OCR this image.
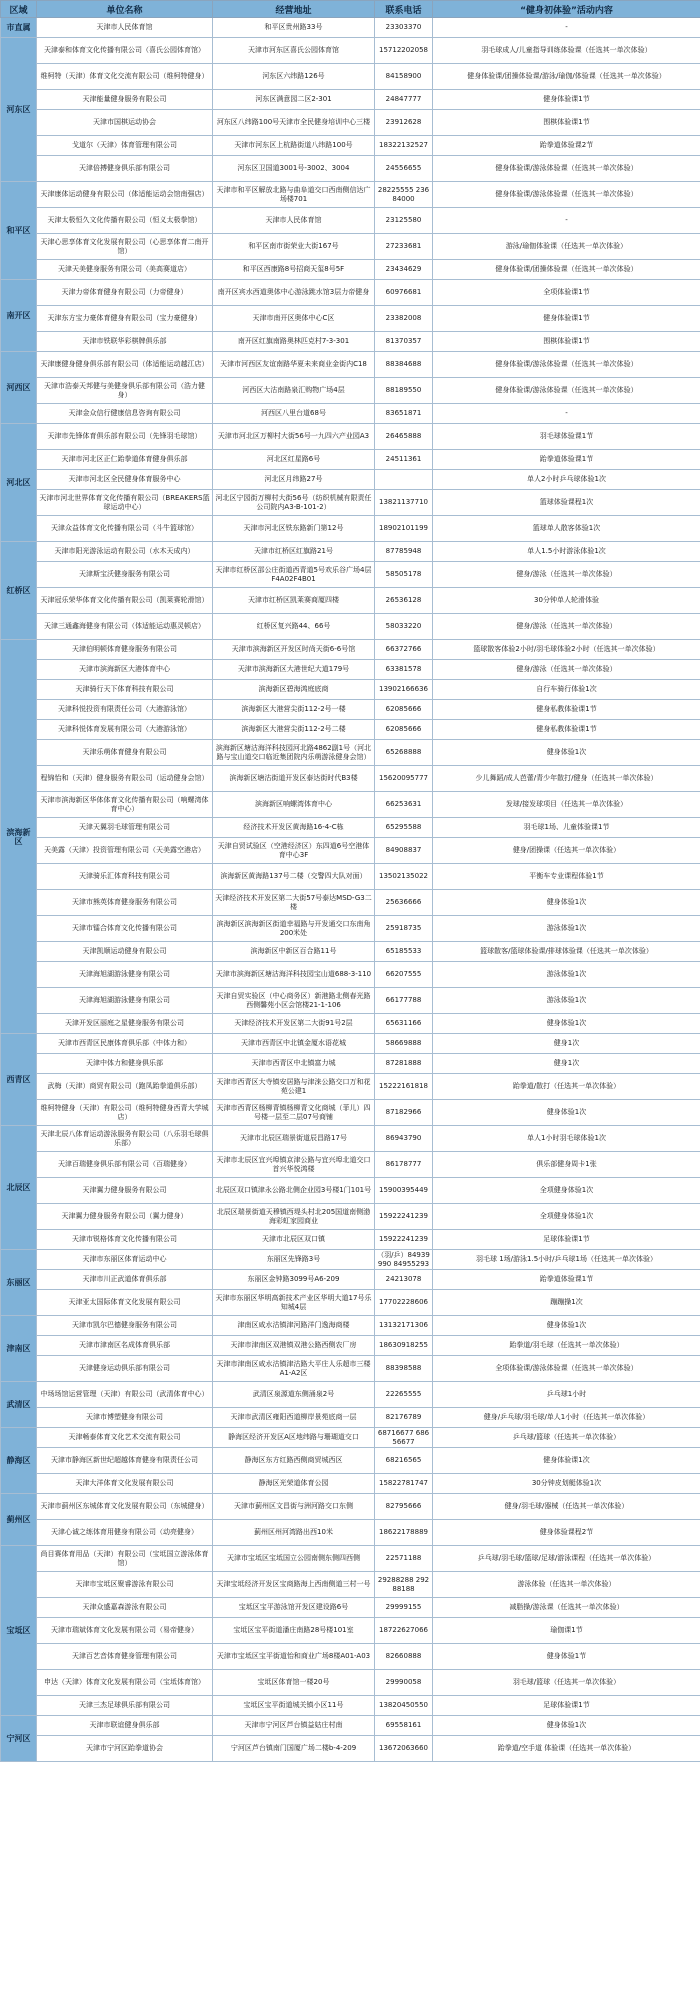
区域	单位名称	经营地址	联系电话	“健身初体验”活动内容
市直属	天津市人民体育馆	和平区贵州路33号	23303370	-
河东区	天津泰和体育文化传播有限公司（喜氏公园体育馆）	天津市河东区喜氏公园体育馆	15712202058	羽毛球成人/儿童指导训练体验课（任选其一单次体验）
	维柯特（天津）体育文化交流有限公司（维柯特健身）	河东区六纬路126号	84158900	健身体验课/团操体验课/游泳/瑜伽/体验课（任选其一单次体验）
	天津能量健身服务有限公司	河东区满意园二区2-301	24847777	健身体验课1节
	天津市国棋运动协会	河东区八纬路100号天津市全民健身培训中心三楼	23912628	围棋体验课1节
	戈道尔（天津）体育管理有限公司	天津市河东区上杭路街道八纬路100号	18322132527	跆拳道体验课2节
	天津倍搏健身俱乐部有限公司	河东区卫国道3001号-3002、3004	24556655	健身体验课/游泳体验课（任选其一单次体验）
和平区	天津康体运动健身有限公司（体适能运动会馆南强店）	天津市和平区解放北路与曲阜道交口西南侧信达广场楼701	28225555 23684000	健身体验课/游泳体验课（任选其一单次体验）
	天津太极恒久文化传播有限公司（恒义太极拳馆）	天津市人民体育馆	23125580	-
	天津心思享体育文化发展有限公司（心思享体育二南开馆）	和平区南市街荣业大街167号	27233681	游泳/瑜伽体验课（任选其一单次体验）
	天津天美健身服务有限公司（美高赛道店）	和平区西康路8号招商天玺8号5F	23434629	健身体验课/团操体验课（任选其一单次体验）
南开区	天津力帝体育健身有限公司（力帝健身）	南开区宾水西道奥体中心游泳跳水馆3层力帝健身	60976681	全项体验课1节
	天津东方宝力豪体育健身有限公司（宝力豪健身）	天津市南开区奥体中心C区	23382008	健身体验课1节
	天津市铁联华彩棋牌俱乐部	南开区红旗南路奥林匹克村7-3-301	81370357	围棋体验课1节
河西区	天津康健身健身俱乐部有限公司（体适能运动越江店）	天津市河西区友谊南路华夏未来商业金街内C18	88384688	健身体验课/游泳体验课（任选其一单次体验）
	天津市浩泰天邦健与美健身俱乐部有限公司（浩力健身）	河西区大沽南路泉汇购物广场4层	88189550	健身体验课/游泳体验课（任选其一单次体验）
	天津金众信行健康信息咨询有限公司	河西区八里台道68号	83651871	-
河北区	天津市先锋体育俱乐部有限公司（先锋羽毛球馆）	天津市河北区万柳村大街56号一九四六产业园A3	26465888	羽毛球体验课1节
	天津市河北区正仁跆拳道体育健身俱乐部	河北区红星路6号	24511361	跆拳道体验课1节
	天津市河北区全民健身体育服务中心	河北区月纬路27号		单人2小时乒乓球体验1次
	天津市河北世界体育文化传播有限公司（BREAKERS篮球运动中心）	河北区宁园街万柳村大街56号（纺织机械有限责任公司院内A3-B-101-2）	13821137710	篮球体验课程1次
	天津众益体育文化传播有限公司（斗牛篮球馆）	天津市河北区铁东路新门第12号	18902101199	篮球单人散客体验1次
红桥区	天津市阳光游泳运动有限公司（水木天成内）	天津市红桥区红旗路21号	87785948	单人1.5小时游泳体验1次
	天津斯宝沃健身服务有限公司	天津市红桥区邵公庄街道西青道5号欢乐谷广场4层F4A02F4B01	58505178	健身/游泳（任选其一单次体验）
	天津冠乐荣华体育文化传播有限公司（凯莱赛轮滑馆）	天津市红桥区凯莱赛商厦四楼	26536128	30分钟单人轮滑体验
	天津三通鑫海健身有限公司（体适能运动惠灵顿店）	红桥区复兴路44、66号	58033220	健身/游泳（任选其一单次体验）
滨海新区	天津伯明顿体育健身服务有限公司	天津市滨海新区开发区时尚天街6-6号馆	66372766	篮球散客体验2小时/羽毛球体验2小时（任选其一单次体验）
	天津市滨海新区大港体育中心	天津市滨海新区大港世纪大道179号	63381578	健身/游泳（任选其一单次体验）
	天津骑行天下体育科技有限公司	滨海新区碧海鸿庭底商	13902166636	自行车骑行体验1次
	天津科悦投资有限责任公司（大港游泳馆）	滨海新区大港营尖街112-2号一楼	62085666	健身私教体验课1节
	天津科悦体育发展有限公司（大港游泳馆）	滨海新区大港营尖街112-2号二楼	62085666	健身私教体验课1节
	天津乐萌体育健身有限公司	滨海新区塘沽海洋科技园河北路4862副1号（河北路与宝山道交口临近集团院内乐萌游泳健身会馆）	65268888	健身体验1次
	程锦怡和（天津）健身服务有限公司（运动健身会馆）	滨海新区塘沽街道开发区泰达街时代B3楼	15620095777	少儿舞蹈/成人芭蕾/青少年散打/健身（任选其一单次体验）
	天津市滨海新区华体体育文化传播有限公司（响螺湾体育中心）	滨海新区响螺湾体育中心	66253631	发球/接发球项目（任选其一单次体验）
	天津天翼羽毛球管理有限公司	经济技术开发区黄海路16-4-C栋	65295588	羽毛球1场、儿童体验课1节
	天美露（天津）投资管理有限公司（天美露空港店）	天津自贸试验区（空港经济区）东四道6号空港体育中心3F	84908837	健身/团操课（任选其一单次体验）
	天津骑乐汇体育科技有限公司	滨海新区黄海路137号二楼（交警四大队对面）	13502135022	平衡车专业课程体验1节
	天津市熊英体育健身服务有限公司	天津经济技术开发区第二大街57号泰达MSD-G3二楼	25636666	健身体验1次
	天津市镭合体育文化传播有限公司	滨海新区滨海新区街道幸福路与开发通交口东南角200米处	25918735	游泳体验1次
	天津凯顺运动健身有限公司	滨海新区中新区百合路11号	65185533	篮球散客/篮球体验课/排球体验课（任选其一单次体验）
	天津海旭湖游泳健身有限公司	天津市滨海新区塘沽海洋科技园宝山道688-3-110	66207555	游泳体验1次
	天津海旭湖游泳健身有限公司	天津自贸实验区（中心商务区）新港路北侧春光路西侧馨苑小区会馆楼21-1-106	66177788	游泳体验1次
	天津开发区丽庭之星健身服务有限公司	天津经济技术开发区第二大街91号2层	65631166	健身体验1次
西青区	天津市西青区民康体育俱乐部（中体力和）	天津市西青区中北镇金厦水语花城	58669888	健身1次
	天津中体力和健身俱乐部	天津市西青区中北镇富力城	87281888	健身1次
	武梅（天津）商贸有限公司（跑凤跆拳道俱乐部）	天津市西青区大寺镇安居路与津涞公路交口万和花苑公建1	15222161818	跆拳道/散打（任选其一单次体验）
	维柯特健身（天津）有限公司（维柯特健身西青大学城店）	天津市西青区杨柳青镇杨柳青文化商城（菲儿）四号楼一层至二层07号商铺	87182966	健身体验1次
北辰区	天津北辰八体育运动游泳服务有限公司（八乐羽毛球俱乐部）	天津市北辰区瑞景街道辰昌路17号	86943790	单人1小时羽毛球体验1次
	天津百瑞健身俱乐部有限公司（百瑞健身）	天津市北辰区宜兴埠镇京津公路与宜兴埠北道交口首兴华悦鸿楼	86178777	俱乐部健身周卡1张
	天津翼力健身服务有限公司	北辰区双口镇津永公路北侧企业园3号楼1门101号	15900395449	全项健身体验1次
	天津翼力健身服务有限公司（翼力健身）	北辰区瑞景街道天穆镇西堤头村北205国道南侧渤海彩虹家园商业	15922241239	全项健身体验1次
	天津市锐格体育文化传播有限公司	天津市北辰区双口镇	15922241239	足球体验课1节
东丽区	天津市东丽区体育运动中心	东丽区先锋路3号	（羽/乒）84939990 84955293	羽毛球 1场/游泳1.5小时/乒乓球1场（任选其一单次体验）
	天津市川正武道体育俱乐部	东丽区金钟路3099号A6-209	24213078	跆拳道体验课1节
	天津亚太国际体育文化发展有限公司	天津市东丽区华明高新技术产业区华明大道17号乐知城4层	17702228606	蹦蹦操1次
津南区	天津市凯尔巴德健身服务有限公司	津南区咸水沽镇津河路洋门逸海商楼	13132171306	健身体验1次
	天津市津南区名成体育俱乐部	天津市津南区双港镇双港公路西侧农厂房	18630918255	跆拳道/羽毛球（任选其一单次体验）
	天津健身运动俱乐部有限公司	天津市津南区咸水沽镇津沽路大平庄人乐超市三楼A1-A2区	88398588	全项体验课/游泳体验课（任选其一单次体验）
武清区	中场场馆运营管理（天津）有限公司（武清体育中心）	武清区泉源道东侧涌泉2号	22265555	乒乓球1小时
	天津市博塑健身有限公司	天津市武清区雍阳西道柳岸景苑底商一层	82176789	健身/乒乓球/羽毛球/单人1小时（任选其一单次体验）
静海区	天津畅泰体育文化艺术交流有限公司	静海区经济开发区A区地纬路与珊瑚道交口	68716677 68656677	乒乓球/篮球（任选其一单次体验）
	天津市静海区新世纪超越体育健身有限责任公司	静海区东方红路西侧商贸城西区	68216565	健身体验课1次
	天津大洋体育文化发展有限公司	静海区光荣道体育公园	15822781747	30分钟皮划艇体验1次
蓟州区	天津市蓟州区东城体育文化发展有限公司（东城健身）	天津市蓟州区文昌街与洲河路交口东侧	82795666	健身/羽毛球/器械（任选其一单次体验）
	天津心诚之练体育用健身有限公司（动亮健身）	蓟州区州河湾路出西10米	18622178889	健身体验课程2节
宝坻区	尚目赛体育用品（天津）有限公司（宝坻国立游泳体育馆）	天津市宝坻区宝坻国立公园南侧东侧四西侧	22571188	乒乓球/羽毛球/篮球/足球/游泳课程（任选其一单次体验）
	天津市宝坻区聚睿游泳有限公司	天津宝坻经济开发区宝商路海上西南侧道三村一号	29288288 29288188	游泳体验（任选其一单次体验）
	天津众盛嘉森游泳有限公司	宝坻区宝平游泳馆开发区建设路6号	29999155	减脂操/游泳课（任选其一单次体验）
	天津市瑞斌体育文化发展有限公司（易帝健身）	宝坻区宝平街道潘庄南路28号楼101室	18722627066	瑜伽课1节
	天津百艺音体育健身管理有限公司	天津市宝坻区宝平街道怡和商业广场8楼A01-A03	82660888	健身体验1节
	申达（天津）体育文化发展有限公司（宝坻体育馆）	宝坻区体育馆一楼20号	29990058	羽毛球/篮球（任选其一单次体验）
	天津三杰足球俱乐部有限公司	宝坻区宝平街道城关镇小区11号	13820450550	足球体验课1节
宁河区	天津市联谊健身俱乐部	天津市宁河区芦台镇益姑庄村南	69558161	健身体验1次
	天津市宁河区跆拳道协会	宁河区芦台镇南门国厦广场二楼b-4-209	13672063660	跆拳道/空手道 体验课（任选其一单次体验）
